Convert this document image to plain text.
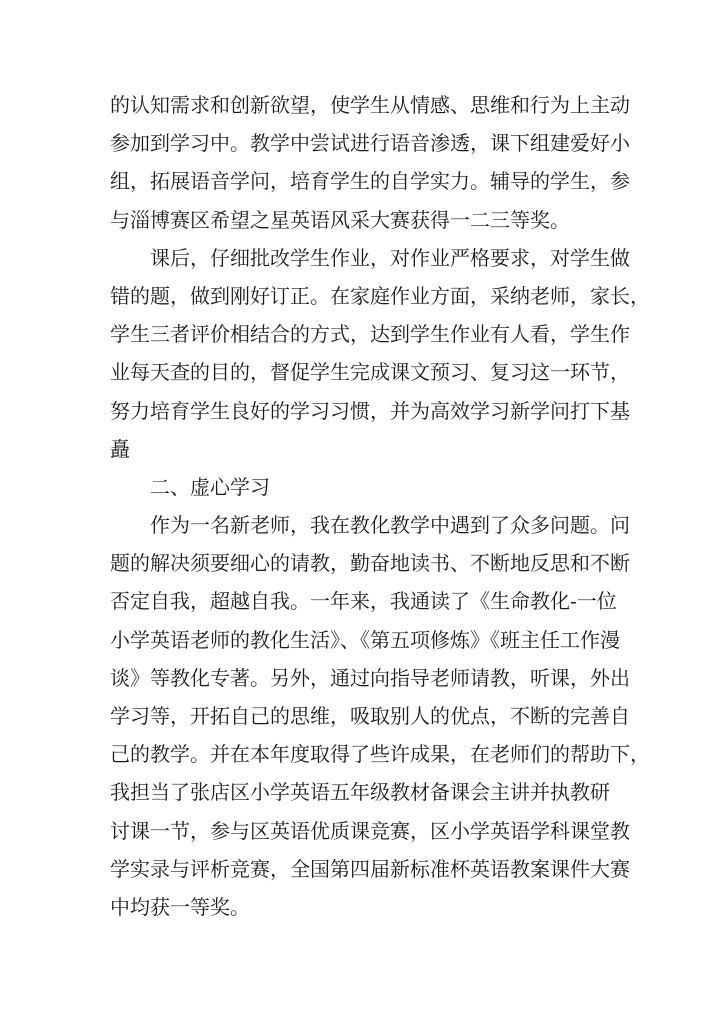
的认知需求和创新欲望，使学生从情感、思维和行为上主动
参加到学习中。教学中尝试进行语音渗透，课下组建爱好小
组，拓展语音学问，培育学生的自学实力。辅导的学生，参
与淄博赛区希望之星英语风采大赛获得一二三等奖。
课后，仔细批改学生作业，对作业严格要求，对学生做
错的题，做到刚好订正。在家庭作业方面，采纳老师，家长，
学生三者评价相结合的方式，达到学生作业有人看，学生作
业每天查的目的，督促学生完成课文预习、复习这一环节，
努力培育学生良好的学习习惯，并为高效学习新学问打下基
矗
二、虚心学习
作为一名新老师，我在教化教学中遇到了众多问题。问
题的解决须要细心的请教，勤奋地读书、不断地反思和不断
否定自我，超越自我。一年来，我通读了《生命教化-一位
小学英语老师的教化生活》、《第五项修炼》《班主任工作漫
谈》等教化专著。另外，通过向指导老师请教，听课，外出
学习等，开拓自己的思维，吸取别人的优点，不断的完善自
己的教学。并在本年度取得了些许成果，在老师们的帮助下，
我担当了张店区小学英语五年级教材备课会主讲并执教研
讨课一节，参与区英语优质课竞赛，区小学英语学科课堂教
学实录与评析竞赛，全国第四届新标准杯英语教案课件大赛
中均获一等奖。
